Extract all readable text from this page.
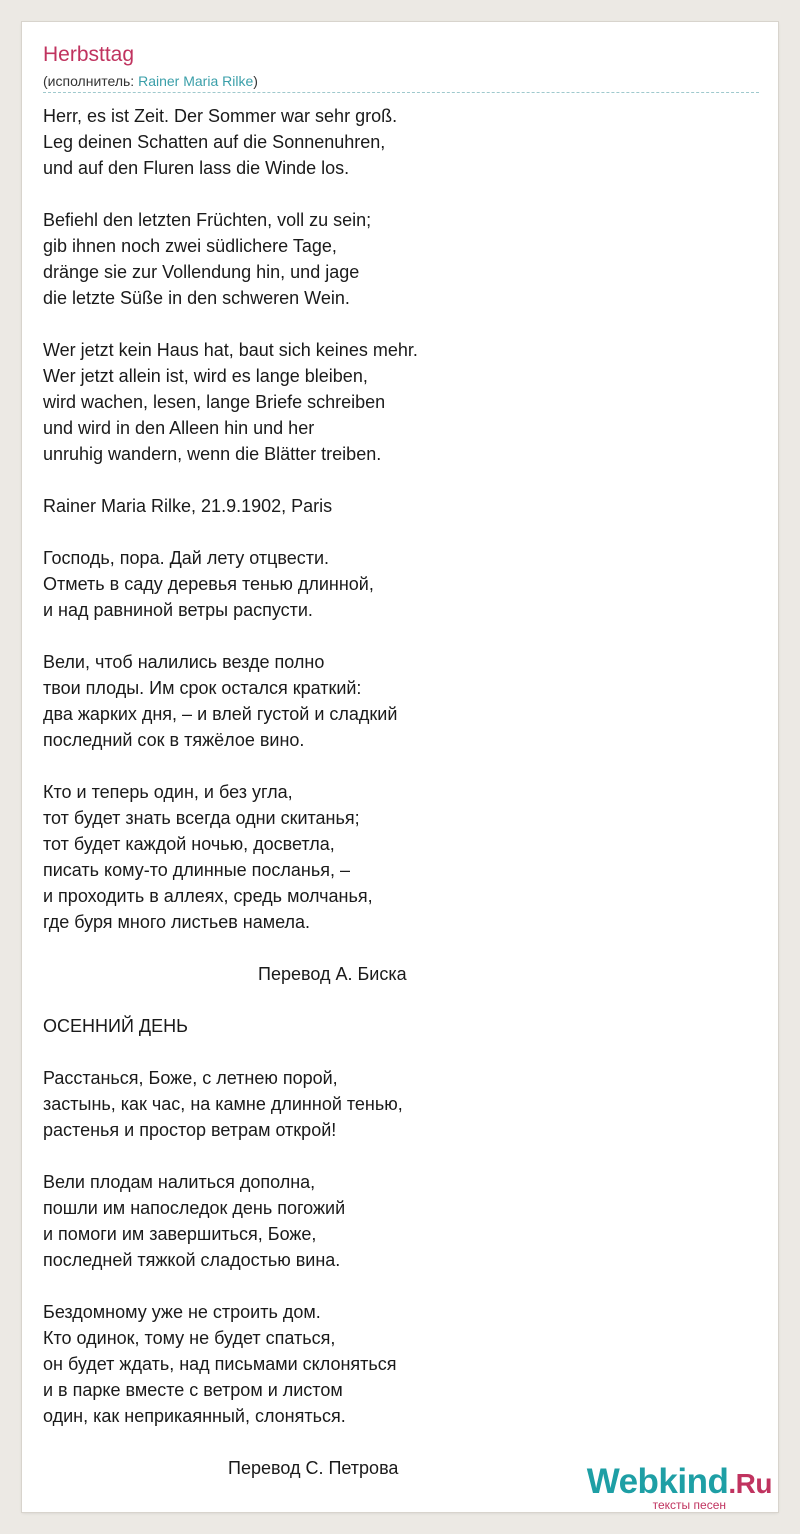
Herbsttag
(исполнитель: Rainer Maria Rilke)
Herr, es ist Zeit. Der Sommer war sehr groß.
Leg deinen Schatten auf die Sonnenuhren,
und auf den Fluren lass die Winde los.

Befiehl den letzten Früchten, voll zu sein;
gib ihnen noch zwei südlichere Tage,
dränge sie zur Vollendung hin, und jage
die letzte Süße in den schweren Wein.

Wer jetzt kein Haus hat, baut sich keines mehr.
Wer jetzt allein ist, wird es lange bleiben,
wird wachen, lesen, lange Briefe schreiben
und wird in den Alleen hin und her
unruhig wandern, wenn die Blätter treiben.

Rainer Maria Rilke, 21.9.1902, Paris

Господь, пора. Дай лету отцвести.
Отметь в саду деревья тенью длинной,
и над равниной ветры распусти.

Вели, чтоб налились везде полно
твои плоды. Им срок остался краткий:
два жарких дня, – и влей густой и сладкий
последний сок в тяжёлое вино.

Кто и теперь один, и без угла,
тот будет знать всегда одни скитанья;
тот будет каждой ночью, досветла,
писать кому-то длинные посланья, –
и проходить в аллеях, средь молчанья,
где буря много листьев намела.

Перевод А. Биска

ОСЕННИЙ ДЕНЬ

Расстанься, Боже, с летнею порой,
застынь, как час, на камне длинной тенью,
растенья и простор ветрам открой!

Вели плодам налиться дополна,
пошли им напоследок день погожий
и помоги им завершиться, Боже,
последней тяжкой сладостью вина.

Бездомному уже не строить дом.
Кто одинок, тому не будет спаться,
он будет ждать, над письмами склоняться
и в парке вместе с ветром и листом
один, как неприкаянный, слоняться.

Перевод С. Петрова	Webkind.Ru
тексты песен
